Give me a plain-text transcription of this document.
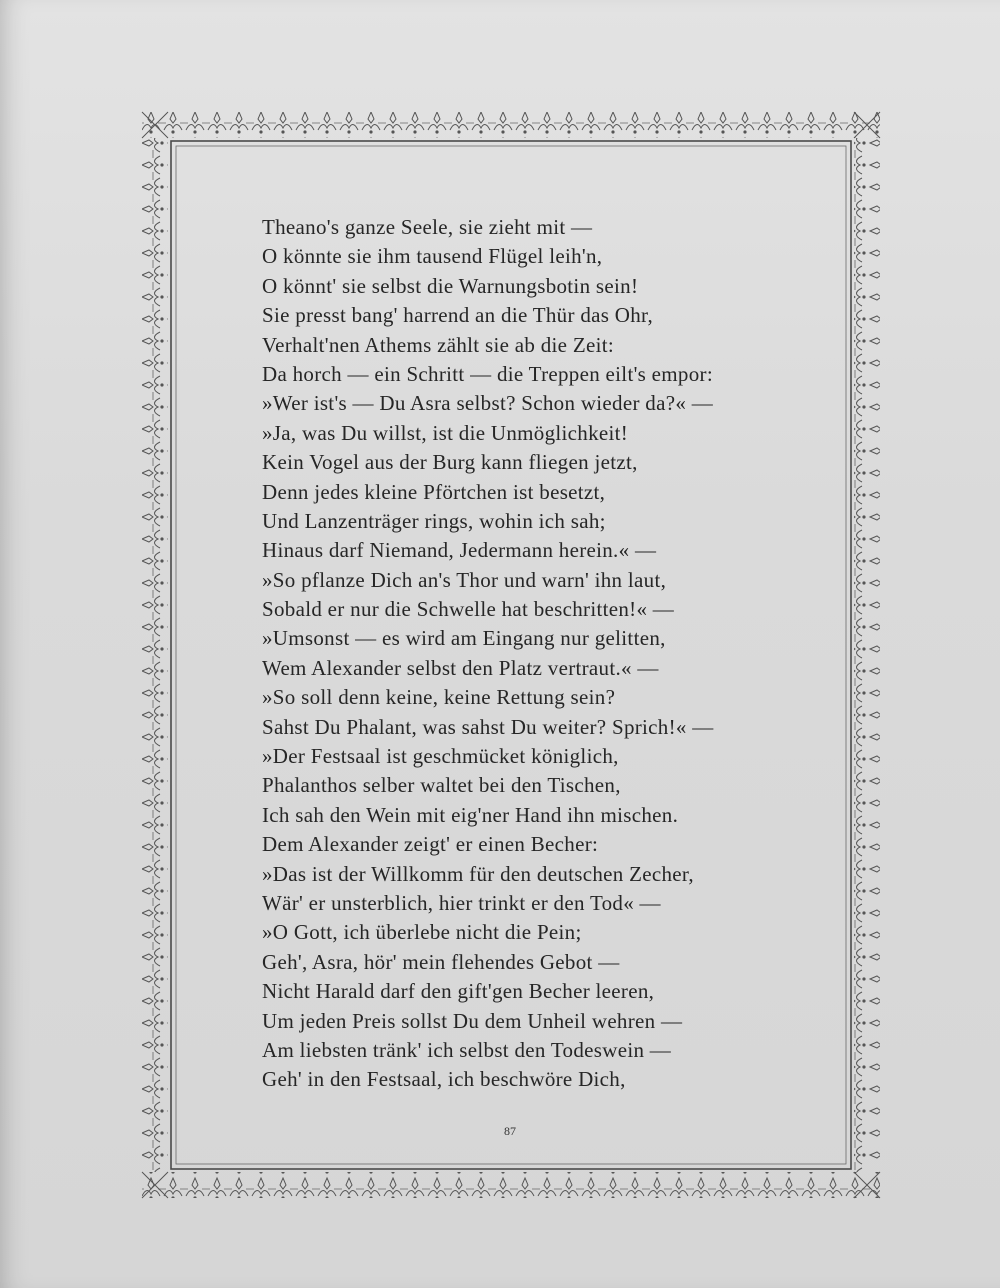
Theano's ganze Seele, sie zieht mit —
O könnte sie ihm tausend Flügel leih'n,
O könnt' sie selbst die Warnungsbotin sein!
Sie presst bang' harrend an die Thür das Ohr,
Verhalt'nen Athems zählt sie ab die Zeit:
Da horch — ein Schritt — die Treppen eilt's empor:
»Wer ist's — Du Asra selbst? Schon wieder da?« —
»Ja, was Du willst, ist die Unmöglichkeit!
Kein Vogel aus der Burg kann fliegen jetzt,
Denn jedes kleine Pförtchen ist besetzt,
Und Lanzenträger rings, wohin ich sah;
Hinaus darf Niemand, Jedermann herein.« —
»So pflanze Dich an's Thor und warn' ihn laut,
Sobald er nur die Schwelle hat beschritten!« —
»Umsonst — es wird am Eingang nur gelitten,
Wem Alexander selbst den Platz vertraut.« —
»So soll denn keine, keine Rettung sein?
Sahst Du Phalant, was sahst Du weiter? Sprich!« —
»Der Festsaal ist geschmücket königlich,
Phalanthos selber waltet bei den Tischen,
Ich sah den Wein mit eig'ner Hand ihn mischen.
Dem Alexander zeigt' er einen Becher:
»Das ist der Willkomm für den deutschen Zecher,
Wär' er unsterblich, hier trinkt er den Tod« —
»O Gott, ich überlebe nicht die Pein;
Geh', Asra, hör' mein flehendes Gebot —
Nicht Harald darf den gift'gen Becher leeren,
Um jeden Preis sollst Du dem Unheil wehren —
Am liebsten tränk' ich selbst den Todeswein —
Geh' in den Festsaal, ich beschwöre Dich,
87
